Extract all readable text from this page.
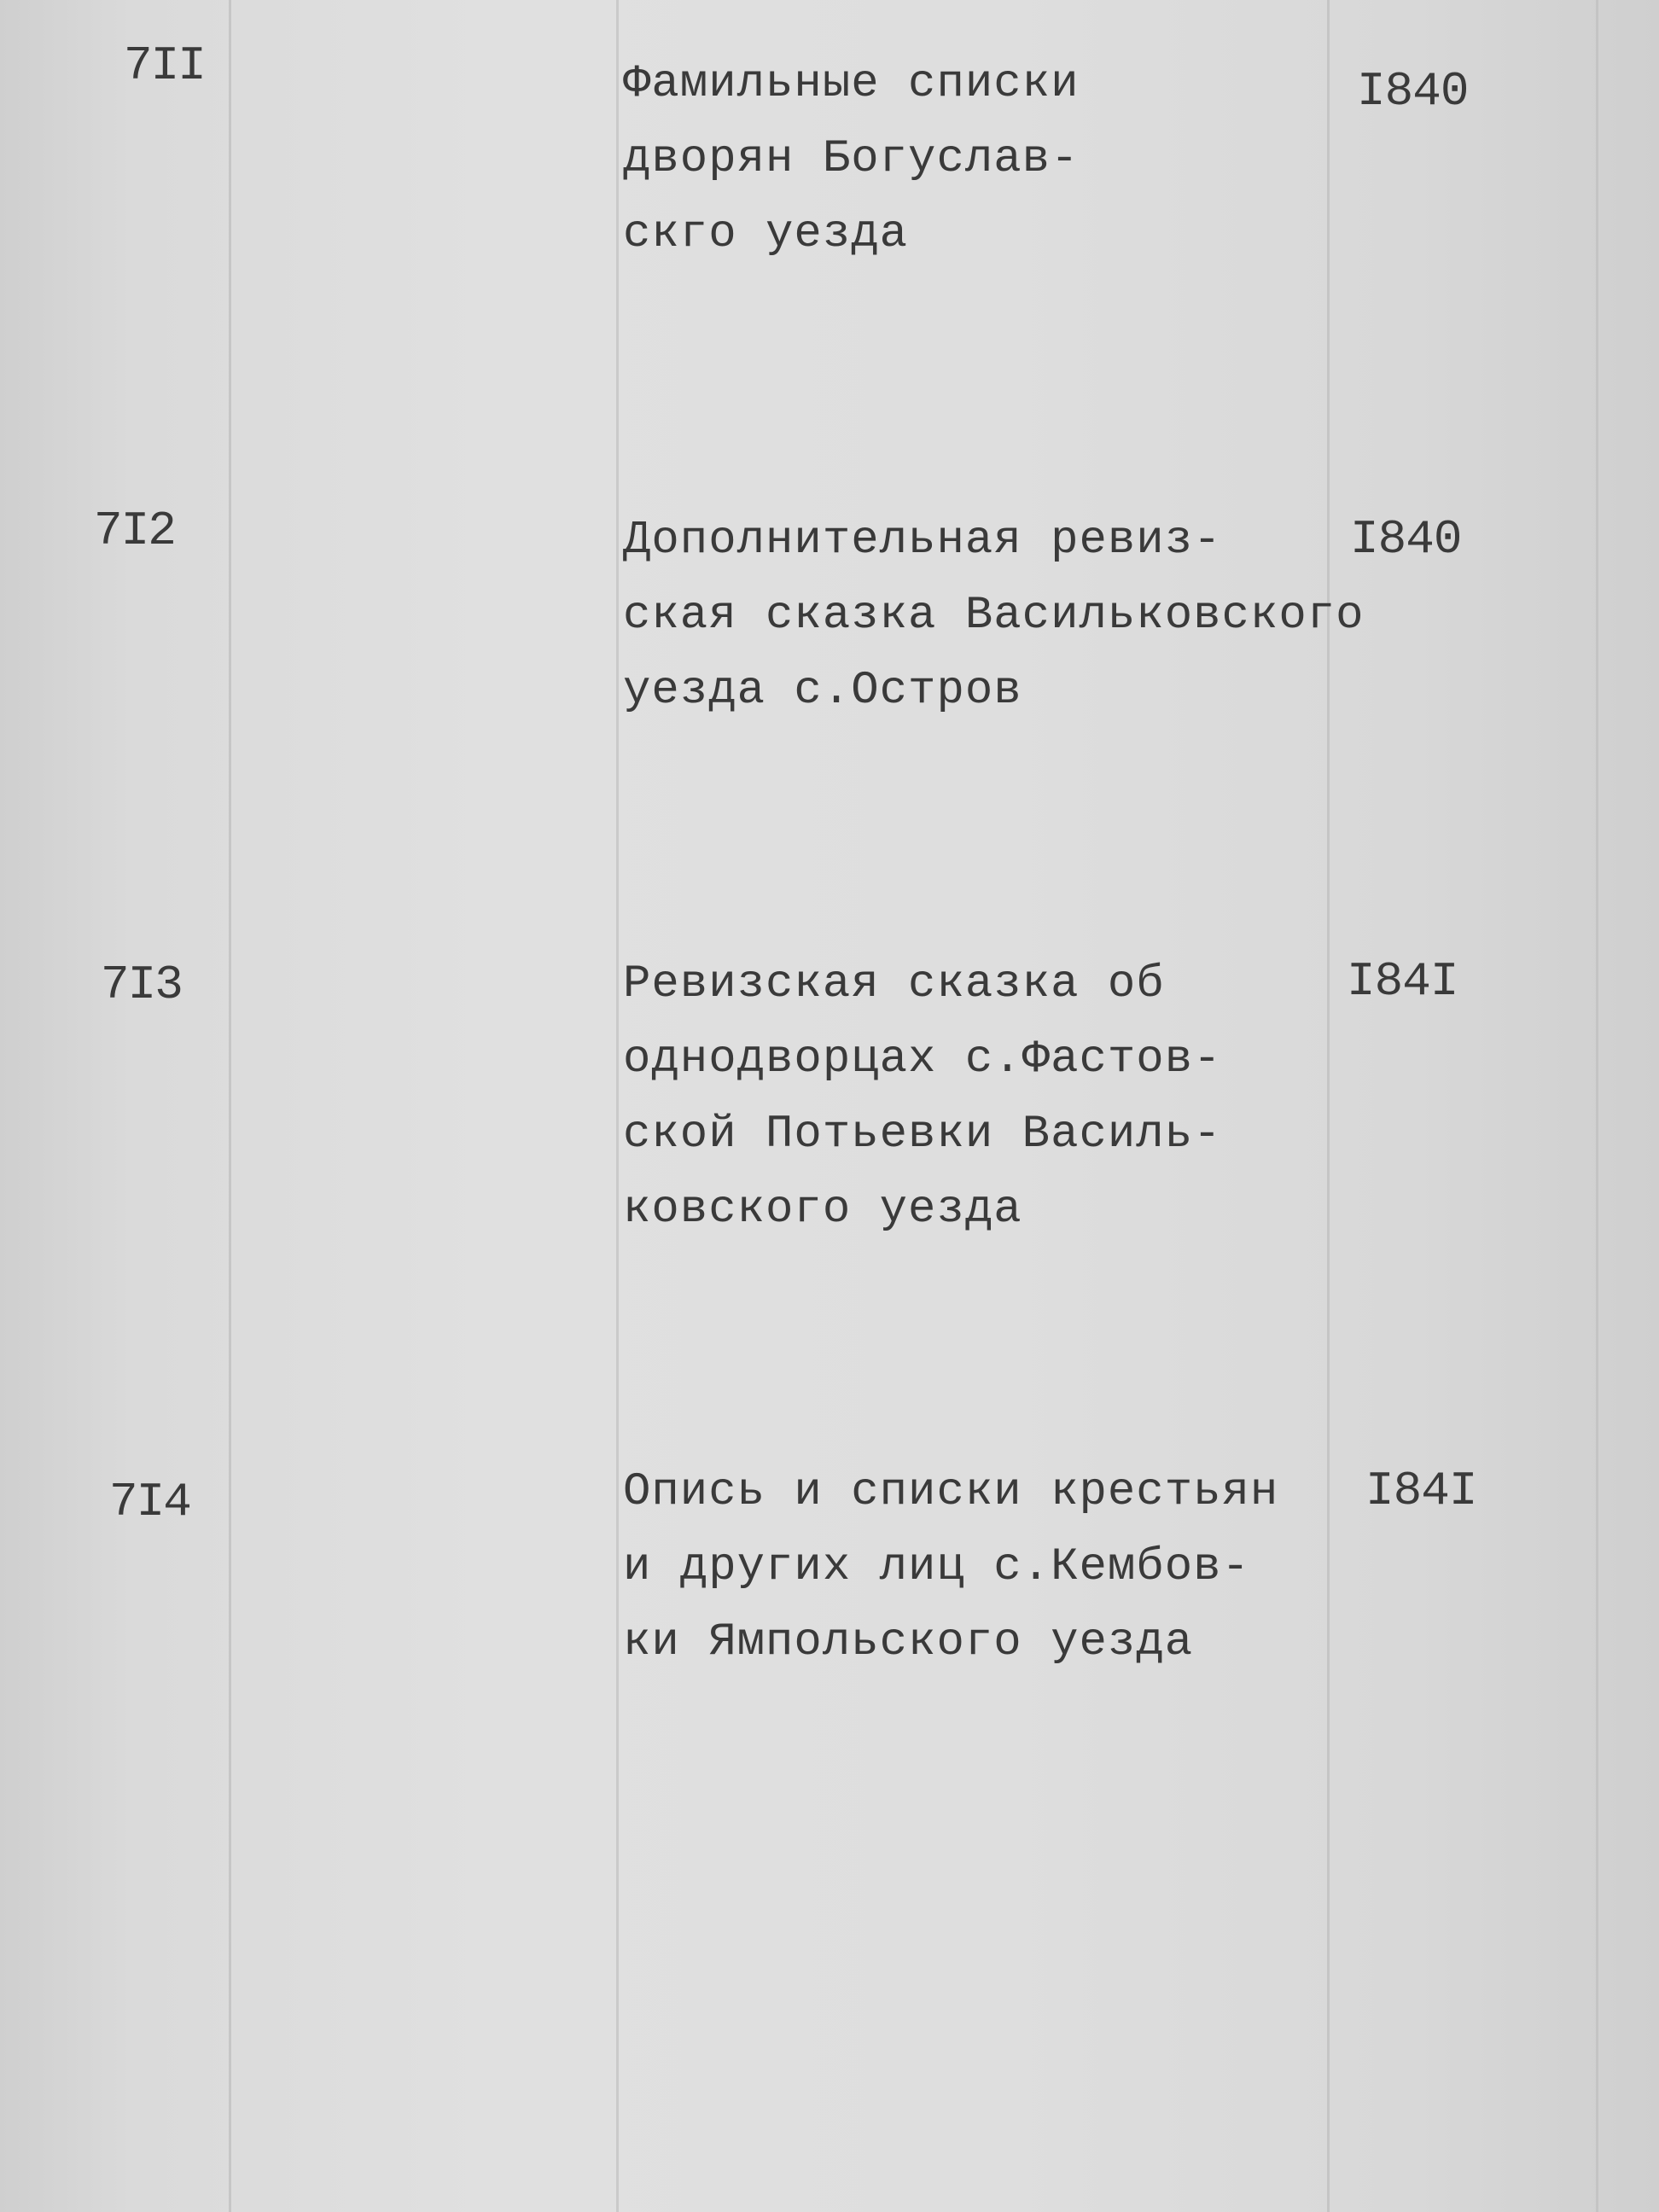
7II	Фамильные списки
дворян Богуслав-
скго уезда
I840
7I2	Дополнительная ревиз-
ская сказка Васильковского
уезда с.Остров
I840
7I3	Ревизская сказка об
однодворцах с.Фастов-
ской Потьевки Василь-
ковского уезда
I84I
7I4	Опись и списки крестьян
и других лиц с.Кембов-
ки Ямпольского уезда
I84I
